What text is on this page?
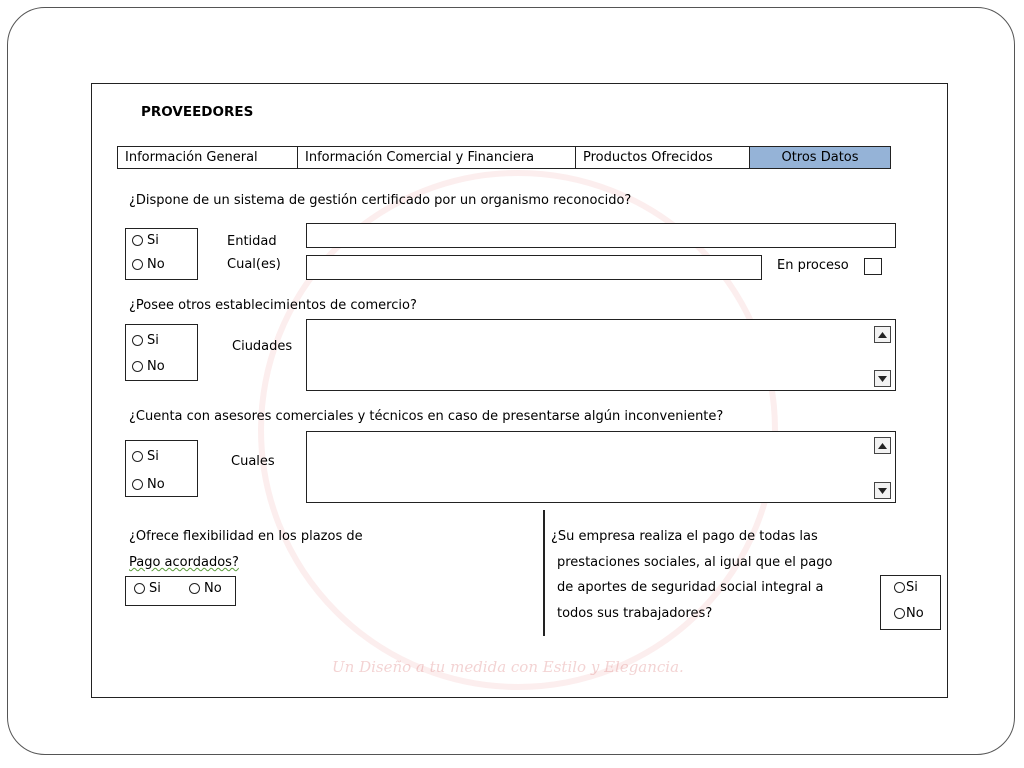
Un Diseño a tu medida con Estilo y Elegancia.
PROVEEDORES
Información General	Información Comercial y Financiera	Productos Ofrecidos	Otros Datos
¿Dispone de un sistema de gestión certificado por un organismo reconocido?
Si
No
Entidad
Cual(es)	En proceso
¿Posee otros establecimientos de comercio?
Si
No
Ciudades
¿Cuenta con asesores comerciales y técnicos en caso de presentarse algún inconveniente?
Si
No
Cuales
¿Ofrece flexibilidad en los plazos de
Pago acordados?
Si	No
¿Su empresa realiza el pago de todas las
prestaciones sociales, al igual que el pago
de aportes de seguridad social integral a
todos sus trabajadores?
Si
No
